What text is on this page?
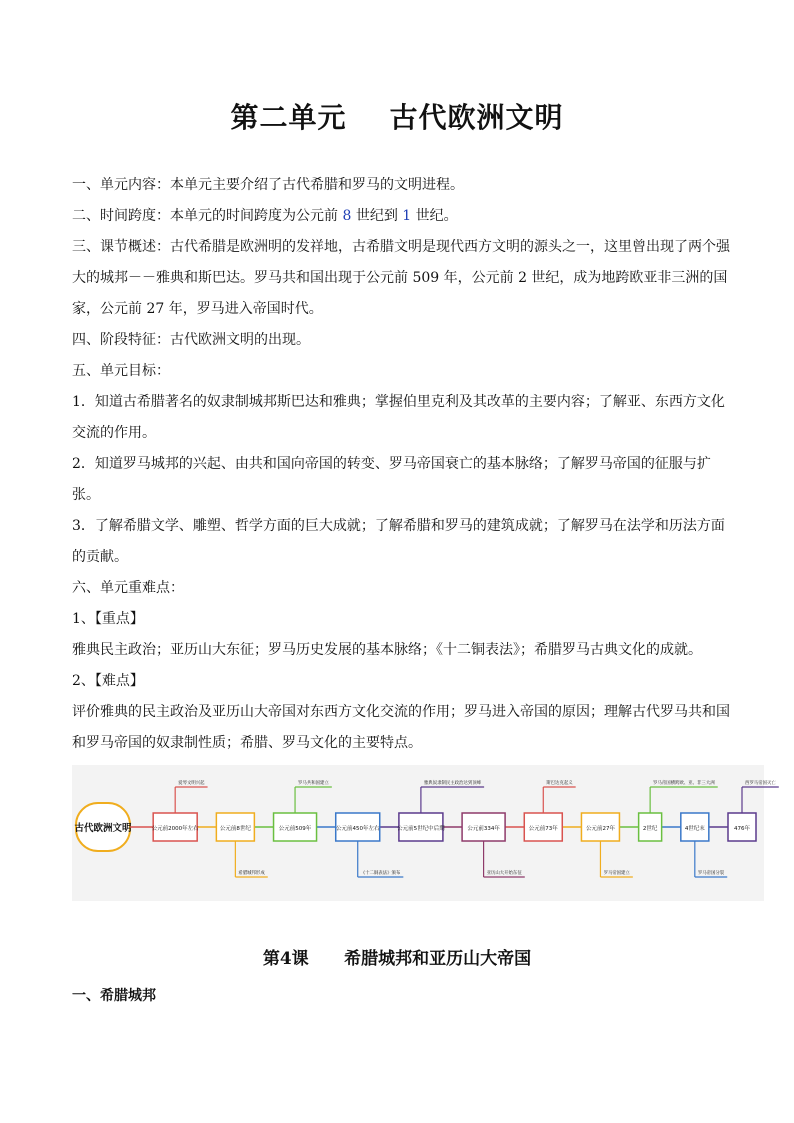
第二单元    古代欧洲文明

一、单元内容：本单元主要介绍了古代希腊和罗马的文明进程。

二、时间跨度：本单元的时间跨度为公元前 8 世纪到 1 世纪。

三、课节概述：古代希腊是欧洲明的发祥地，古希腊文明是现代西方文明的源头之一，这里曾出现了两个强大的城邦－－雅典和斯巴达。罗马共和国出现于公元前 509 年，公元前 2 世纪，成为地跨欧亚非三洲的国家，公元前 27 年，罗马进入帝国时代。

四、阶段特征：古代欧洲文明的出现。

五、单元目标：

1．知道古希腊著名的奴隶制城邦斯巴达和雅典；掌握伯里克利及其改革的主要内容；了解亚、东西方文化交流的作用。

2．知道罗马城邦的兴起、由共和国向帝国的转变、罗马帝国衰亡的基本脉络；了解罗马帝国的征服与扩张。

3．了解希腊文学、雕塑、哲学方面的巨大成就；了解希腊和罗马的建筑成就；了解罗马在法学和历法方面的贡献。

六、单元重难点：

1、【重点】

雅典民主政治；亚历山大东征；罗马历史发展的基本脉络；《十二铜表法》；希腊罗马古典文化的成就。

2、【难点】

评价雅典的民主政治及亚历山大帝国对东西方文化交流的作用；罗马进入帝国的原因；理解古代罗马共和国和罗马帝国的奴隶制性质；希腊、罗马文化的主要特点。

古代欧洲文明	公元前2000年左右	公元前8世纪	公元前509年	公元前450年左右	公元前5世纪中后期	公元前334年	公元前73年	公元前27年	2世纪	4世纪末	476年
爱琴文明兴起	罗马共和国建立	雅典奴隶制民主政治达到顶峰	斯巴达克起义	罗马帝国横跨欧、亚、非三大洲	西罗马帝国灭亡
希腊城邦形成	《十二铜表法》颁布	亚历山大开始东征	罗马帝国建立	罗马帝国分裂
第4课      希腊城邦和亚历山大帝国
一、希腊城邦
